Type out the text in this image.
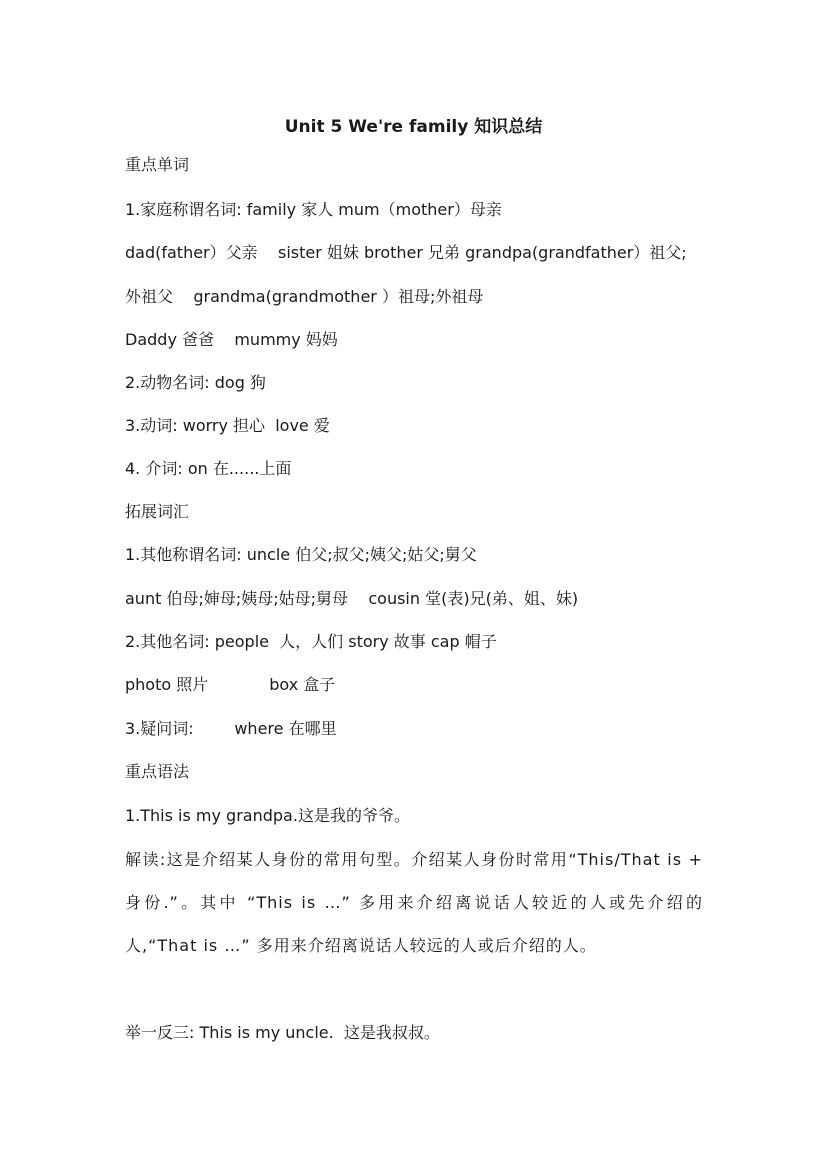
Unit 5 We're family 知识总结
重点单词
1.家庭称谓名词: family 家人 mum（mother）母亲
dad(father）父亲    sister 姐妹 brother 兄弟 grandpa(grandfather）祖父;
外祖父    grandma(grandmother ）祖母;外祖母
Daddy 爸爸    mummy 妈妈
2.动物名词: dog 狗
3.动词: worry 担心  love 爱
4. 介词: on 在......上面
拓展词汇
1.其他称谓名词: uncle 伯父;叔父;姨父;姑父;舅父
aunt 伯母;婶母;姨母;姑母;舅母    cousin 堂(表)兄(弟、姐、妹)
2.其他名词: people  人，人们 story 故事 cap 帽子
photo 照片            box 盒子
3.疑问词:        where 在哪里
重点语法
1.This is my grandpa.这是我的爷爷。
解读:这是介绍某人身份的常用句型。介绍某人身份时常用“This/That is + 身份.”。其中 “This is …” 多用来介绍离说话人较近的人或先介绍的人,“That is …” 多用来介绍离说话人较远的人或后介绍的人。
举一反三: This is my uncle.  这是我叔叔。
